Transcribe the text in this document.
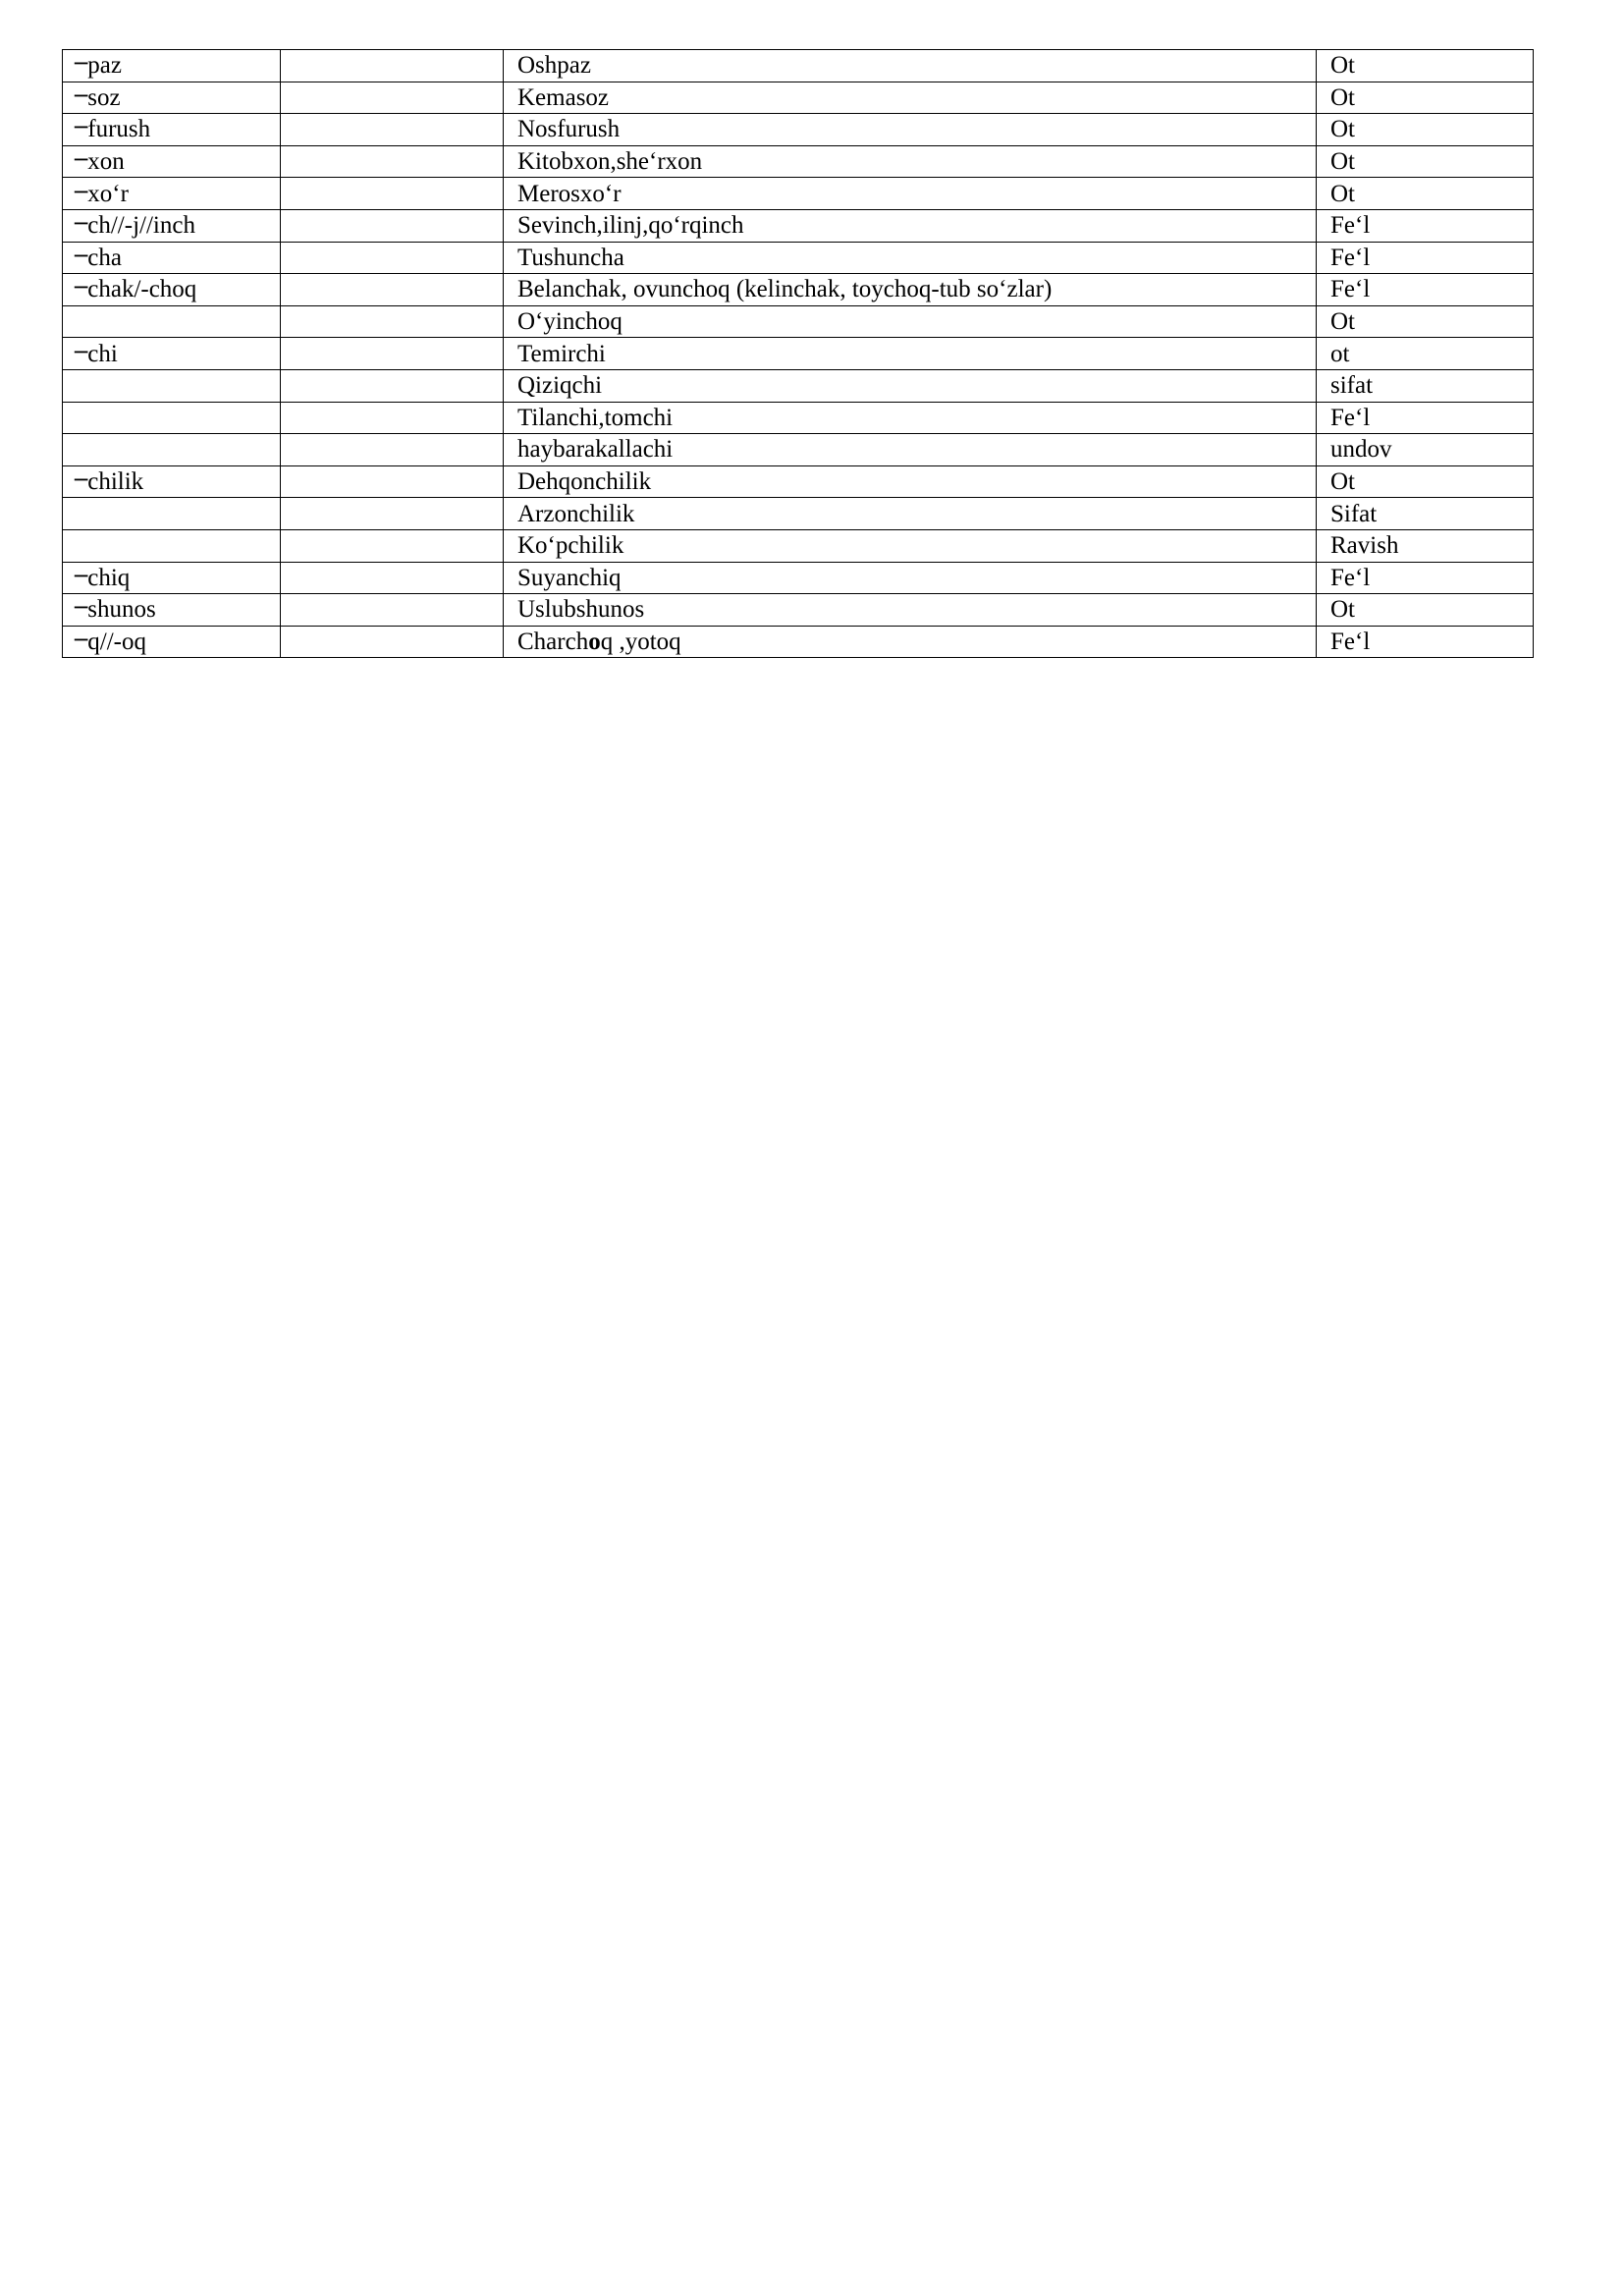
─paz		Oshpaz	Ot
─soz		Kemasoz	Ot
─furush		Nosfurush	Ot
─xon		Kitobxon,she‘rxon	Ot
─xo‘r		Merosxo‘r	Ot
─ch//-j//inch		Sevinch,ilinj,qo‘rqinch	Fe‘l
─cha		Tushuncha	Fe‘l
─chak/-choq		Belanchak, ovunchoq (kelinchak, toychoq-tub so‘zlar)	Fe‘l
		O‘yinchoq	Ot
─chi		Temirchi	ot
		Qiziqchi	sifat
		Tilanchi,tomchi	Fe‘l
		haybarakallachi	undov
─chilik		Dehqonchilik	Ot
		Arzonchilik	Sifat
		Ko‘pchilik	Ravish
─chiq		Suyanchiq	Fe‘l
─shunos		Uslubshunos	Ot
─q//-oq		Charchoq ,yotoq	Fe‘l
